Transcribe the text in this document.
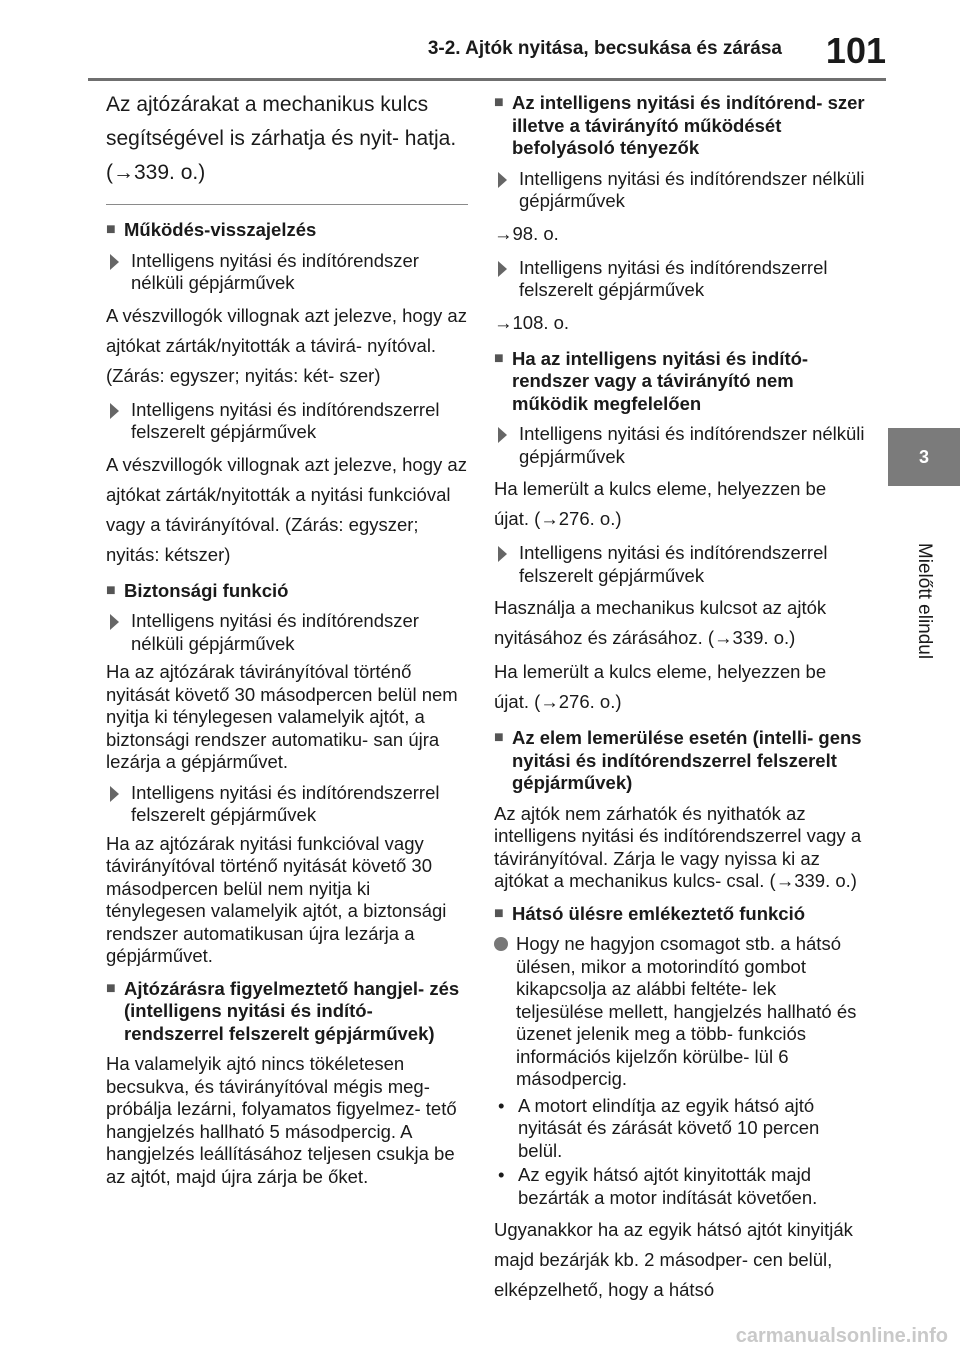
3-2. Ajtók nyitása, becsukása és zárása 101
3
Mielőtt elindul

Az ajtózárakat a mechanikus kulcs segítségével is zárhatja és nyit- hatja. (→339. o.)

■ Működés-visszajelzés
Intelligens nyitási és indítórendszer nélküli gépjárművek

A vészvillogók villognak azt jelezve, hogy az ajtókat zárták/nyitották a távirá- nyítóval. (Zárás: egyszer; nyitás: két- szer)

Intelligens nyitási és indítórendszerrel felszerelt gépjárművek

A vészvillogók villognak azt jelezve, hogy az ajtókat zárták/nyitották a nyitási funkcióval vagy a távirányítóval. (Zárás: egyszer; nyitás: kétszer)

■ Biztonsági funkció
Intelligens nyitási és indítórendszer nélküli gépjárművek

Ha az ajtózárak távirányítóval történő nyitását követő 30 másodpercen belül nem nyitja ki ténylegesen valamelyik ajtót, a biztonsági rendszer automatiku- san újra lezárja a gépjárművet.

Intelligens nyitási és indítórendszerrel felszerelt gépjárművek

Ha az ajtózárak nyitási funkcióval vagy távirányítóval történő nyitását követő 30 másodpercen belül nem nyitja ki ténylegesen valamelyik ajtót, a biztonsági rendszer automatikusan újra lezárja a gépjárművet.

■ Ajtózárásra figyelmeztető hangjel- zés (intelligens nyitási és indító- rendszerrel felszerelt gépjárművek)

Ha valamelyik ajtó nincs tökéletesen becsukva, és távirányítóval mégis meg- próbálja lezárni, folyamatos figyelmez- tető hangjelzés hallható 5 másodpercig. A hangjelzés leállításához teljesen csukja be az ajtót, majd újra zárja be őket.

■ Az intelligens nyitási és indítórend- szer illetve a távirányító működését befolyásoló tényezők
Intelligens nyitási és indítórendszer nélküli gépjárművek

→98. o.

Intelligens nyitási és indítórendszerrel felszerelt gépjárművek

→108. o.

■ Ha az intelligens nyitási és indító- rendszer vagy a távirányító nem működik megfelelően
Intelligens nyitási és indítórendszer nélküli gépjárművek

Ha lemerült a kulcs eleme, helyezzen be újat. (→276. o.)

Intelligens nyitási és indítórendszerrel felszerelt gépjárművek

Használja a mechanikus kulcsot az ajtók nyitásához és zárásához. (→339. o.)

Ha lemerült a kulcs eleme, helyezzen be újat. (→276. o.)

■ Az elem lemerülése esetén (intelli- gens nyitási és indítórendszerrel felszerelt gépjárművek)

Az ajtók nem zárhatók és nyithatók az intelligens nyitási és indítórendszerrel vagy a távirányítóval. Zárja le vagy nyissa ki az ajtókat a mechanikus kulcs- csal. (→339. o.)

■ Hátsó ülésre emlékeztető funkció
Hogy ne hagyjon csomagot stb. a hátsó ülésen, mikor a motorindító gombot kikapcsolja az alábbi feltéte- lek teljesülése mellett, hangjelzés hallható és üzenet jelenik meg a több- funkciós információs kijelzőn körülbe- lül 6 másodpercig.
• A motort elindítja az egyik hátsó ajtó nyitását és zárását követő 10 percen belül.
• Az egyik hátsó ajtót kinyitották majd bezárták a motor indítását követően.

Ugyanakkor ha az egyik hátsó ajtót kinyitják majd bezárják kb. 2 másodper- cen belül, elképzelhető, hogy a hátsó

carmanualsonline.info
